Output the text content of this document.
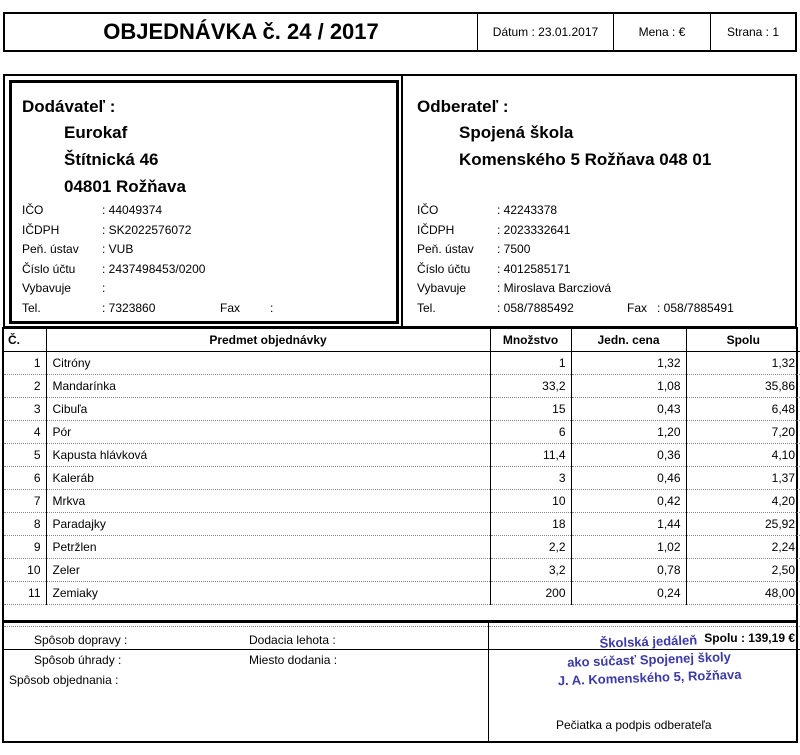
OBJEDNÁVKA č. 24 / 2017	Dátum : 23.01.2017	Mena : €	Strana : 1
Dodávateľ :
Eurokaf
Štítnická 46
04801 Rožňava
IČO	: 44049374
IČDPH	: SK2022576072
Peň. ústav	: VUB
Číslo účtu	: 2437498453/0200
Vybavuje	:
Tel.	: 7323860	Fax	:
Odberateľ :
Spojená škola
Komenského 5 Rožňava 048 01
IČO	: 42243378
IČDPH	: 2023332641
Peň. ústav	: 7500
Číslo účtu	: 4012585171
Vybavuje	: Miroslava Barcziová
Tel.	: 058/7885492	Fax : 058/7885491
Č.	Predmet objednávky	Množstvo	Jedn. cena	Spolu
1	Citróny	1	1,32	1,32
2	Mandarínka	33,2	1,08	35,86
3	Cibuľa	15	0,43	6,48
4	Pór	6	1,20	7,20
5	Kapusta hlávková	11,4	0,36	4,10
6	Kaleráb	3	0,46	1,37
7	Mrkva	10	0,42	4,20
8	Paradajky	18	1,44	25,92
9	Petržlen	2,2	1,02	2,24
10	Zeler	3,2	0,78	2,50
11	Zemiaky	200	0,24	48,00

Spolu : 139,19 €				
Spôsob dopravy :
Spôsob úhrady :
Spôsob objednania :
Dodacia lehota :
Miesto dodania :
Školská jedáleň
ako súčasť Spojenej školy
J. A. Komenského 5, Rožňava
Pečiatka a podpis odberateľa
